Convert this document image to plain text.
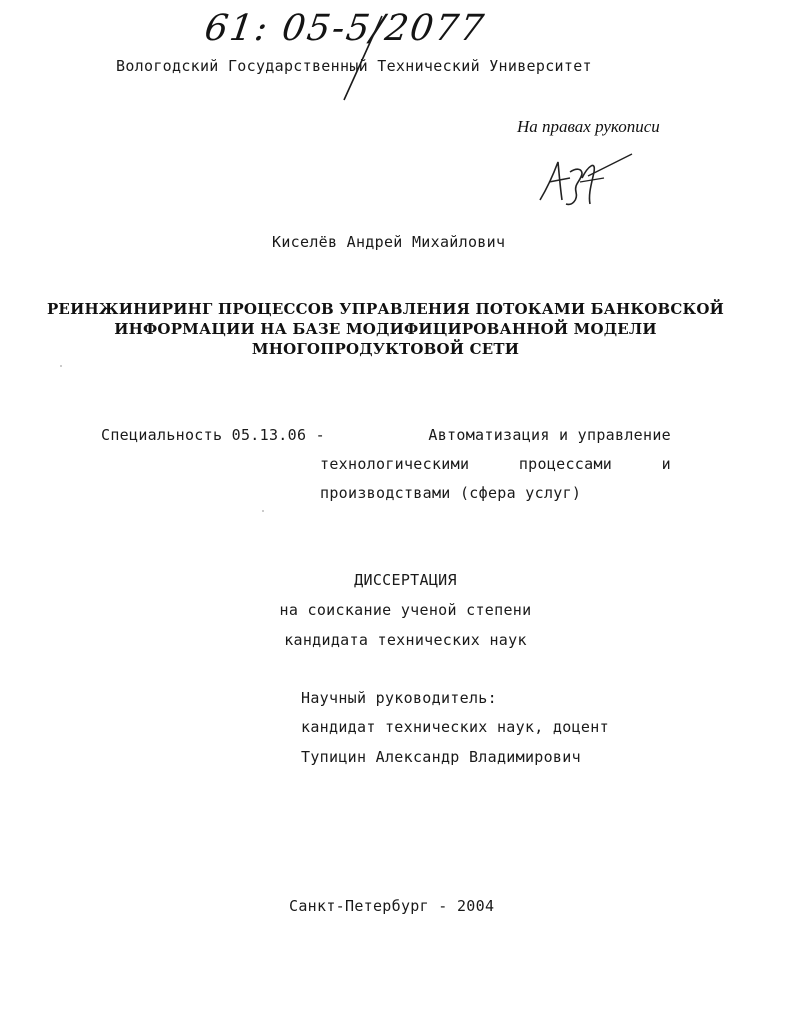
61: 05-5/2077
Вологодский Государственный Технический Университет
На правах рукописи
Киселёв Андрей Михайлович
РЕИНЖИНИРИНГ ПРОЦЕССОВ УПРАВЛЕНИЯ ПОТОКАМИ БАНКОВСКОЙ
ИНФОРМАЦИИ НА БАЗЕ МОДИФИЦИРОВАННОЙ МОДЕЛИ
МНОГОПРОДУКТОВОЙ СЕТИ
Специальность 05.13.06 -	Автоматизация и управление
технологическими процессами и
производствами (сфера услуг)
ДИССЕРТАЦИЯ
на соискание ученой степени
кандидата технических наук
Научный руководитель:
кандидат технических наук, доцент
Тупицин Александр Владимирович
Санкт-Петербург - 2004
